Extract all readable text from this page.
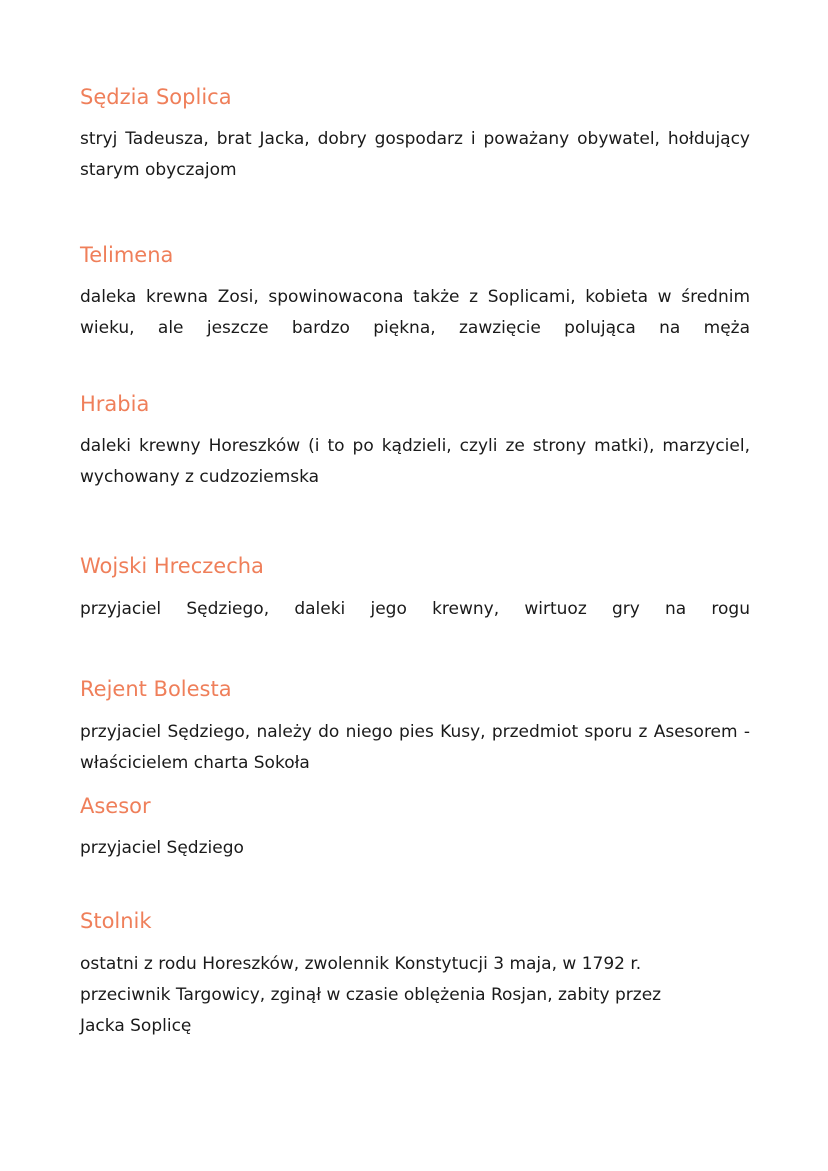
Sędzia Soplica
stryj Tadeusza, brat Jacka, dobry gospodarz i poważany obywatel, hołdujący starym obyczajom
Telimena
daleka krewna Zosi, spowinowacona także z Soplicami, kobieta w średnim wieku, ale jeszcze bardzo piękna, zawzięcie polująca na męża
Hrabia
daleki krewny Horeszków (i to po kądzieli, czyli ze strony matki), marzyciel, wychowany z cudzoziemska
Wojski Hreczecha
przyjaciel Sędziego, daleki jego krewny, wirtuoz gry na rogu
Rejent Bolesta
przyjaciel Sędziego, należy do niego pies Kusy, przedmiot sporu z Asesorem - właścicielem charta Sokoła
Asesor
przyjaciel Sędziego
Stolnik
ostatni z rodu Horeszków, zwolennik Konstytucji 3 maja, w 1792 r. przeciwnik Targowicy, zginął w czasie oblężenia Rosjan, zabity przez Jacka Soplicę
